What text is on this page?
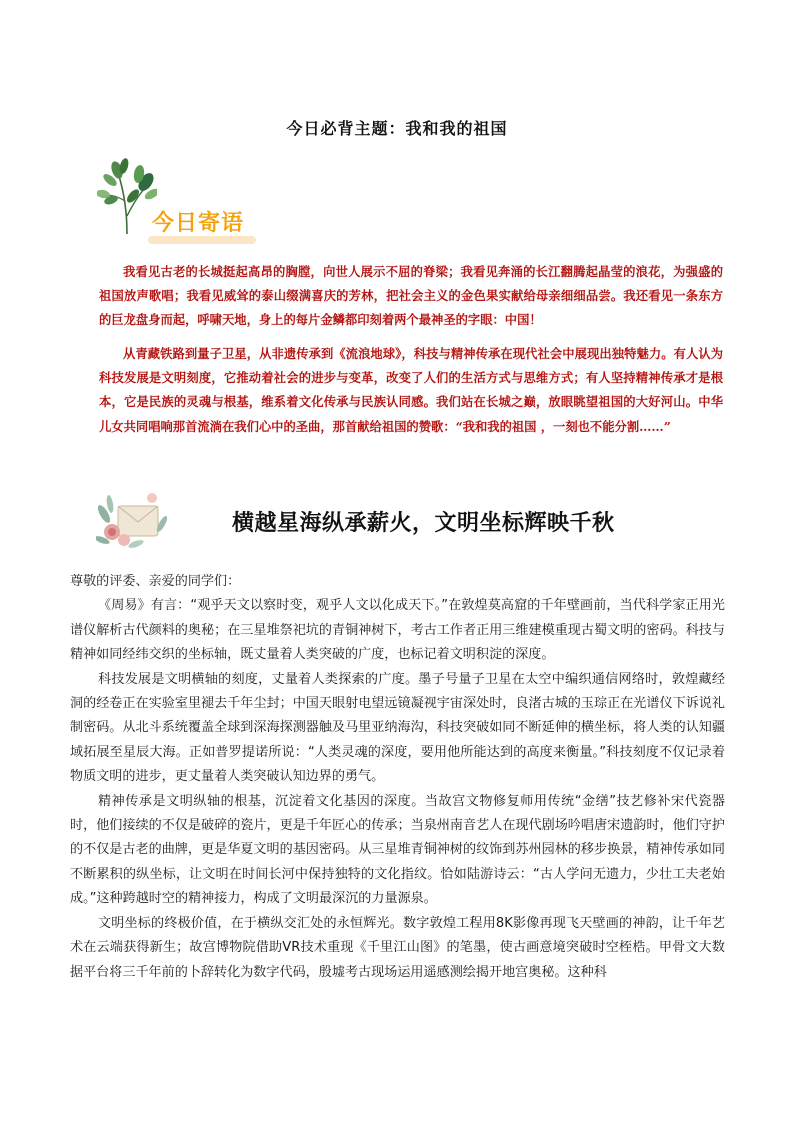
今日必背主题：我和我的祖国
今日寄语

我看见古老的长城挺起高昂的胸膛，向世人展示不屈的脊梁；我看见奔涌的长江翻腾起晶莹的浪花，为强盛的祖国放声歌唱；我看见威耸的泰山缀满喜庆的芳林，把社会主义的金色果实献给母亲细细品尝。我还看见一条东方的巨龙盘身而起，呼啸天地，身上的每片金鳞都印刻着两个最神圣的字眼：中国！

从青藏铁路到量子卫星，从非遗传承到《流浪地球》，科技与精神传承在现代社会中展现出独特魅力。有人认为科技发展是文明刻度，它推动着社会的进步与变革，改变了人们的生活方式与思维方式；有人坚持精神传承才是根本，它是民族的灵魂与根基，维系着文化传承与民族认同感。我们站在长城之巅，放眼眺望祖国的大好河山。中华儿女共同唱响那首流淌在我们心中的圣曲，那首献给祖国的赞歌：“我和我的祖国 ，一刻也不能分割……”

横越星海纵承薪火，文明坐标辉映千秋

尊敬的评委、亲爱的同学们：

《周易》有言：“观乎天文以察时变，观乎人文以化成天下。”在敦煌莫高窟的千年壁画前，当代科学家正用光谱仪解析古代颜料的奥秘；在三星堆祭祀坑的青铜神树下，考古工作者正用三维建模重现古蜀文明的密码。科技与精神如同经纬交织的坐标轴，既丈量着人类突破的广度，也标记着文明积淀的深度。

科技发展是文明横轴的刻度，丈量着人类探索的广度。墨子号量子卫星在太空中编织通信网络时，敦煌藏经洞的经卷正在实验室里褪去千年尘封；中国天眼射电望远镜凝视宇宙深处时，良渚古城的玉琮正在光谱仪下诉说礼制密码。从北斗系统覆盖全球到深海探测器触及马里亚纳海沟，科技突破如同不断延伸的横坐标，将人类的认知疆域拓展至星辰大海。正如普罗提诺所说：“人类灵魂的深度，要用他所能达到的高度来衡量。”科技刻度不仅记录着物质文明的进步，更丈量着人类突破认知边界的勇气。

精神传承是文明纵轴的根基，沉淀着文化基因的深度。当故宫文物修复师用传统“金缮”技艺修补宋代瓷器时，他们接续的不仅是破碎的瓷片，更是千年匠心的传承；当泉州南音艺人在现代剧场吟唱唐宋遗韵时，他们守护的不仅是古老的曲牌，更是华夏文明的基因密码。从三星堆青铜神树的纹饰到苏州园林的移步换景，精神传承如同不断累积的纵坐标，让文明在时间长河中保持独特的文化指纹。恰如陆游诗云：“古人学问无遗力，少壮工夫老始成。”这种跨越时空的精神接力，构成了文明最深沉的力量源泉。

文明坐标的终极价值，在于横纵交汇处的永恒辉光。数字敦煌工程用8K影像再现飞天壁画的神韵，让千年艺术在云端获得新生；故宫博物院借助VR技术重现《千里江山图》的笔墨，使古画意境突破时空桎梏。甲骨文大数据平台将三千年前的卜辞转化为数字代码，殷墟考古现场运用遥感测绘揭开地宫奥秘。这种科
